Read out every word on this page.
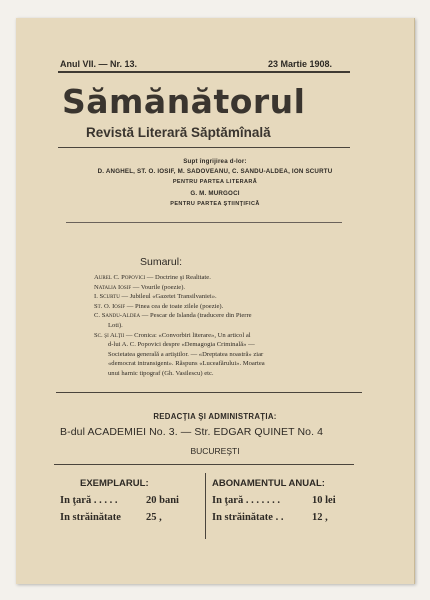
Anul VII. — Nr. 13.	23 Martie 1908.
Sămănătorul
Revistă Literară Săptămînală
Supt îngrijirea d-lor:
D. ANGHEL, ST. O. IOSIF, M. SADOVEANU, C. SANDU-ALDEA, ION SCURTU
PENTRU PARTEA LITERARĂ
G. M. MURGOCI
PENTRU PARTEA ŞTIINŢIFICĂ
Sumarul:
Aurel C. Popovici — Doctrine şi Realitate.
Natalia Iosif — Vourile (poezie).
I. Scurtu — Jubileul «Gazetei Transilvaniei».
St. O. Iosif — Pinea cea de toate zilele (poezie).
C. Sandu-Aldea — Pescar de Islanda (traducere din Pierre
Loti).
Sc. şi Alţii — Cronica: «Convorbiri literare», Un articol al
d-lui A. C. Popovici despre «Demagogia Criminală» —
Societatea generală a artiştilor. — «Dreptatea noastră» ziar
«democrat intransigent». Răspuns «Luceafărului». Moartea
unui harnic tipograf (Gh. Vasilescu) etc.
REDACŢIA ŞI ADMINISTRAŢIA:
B-dul ACADEMIEI No. 3. — Str. EDGAR QUINET No. 4
BUCUREŞTI
EXEMPLARUL:
In ţară . . . . .	20 bani
In străinătate 25 ,
ABONAMENTUL ANUAL:
In ţară . . . . . . .	10 lei
In străinătate . .	12 ,
